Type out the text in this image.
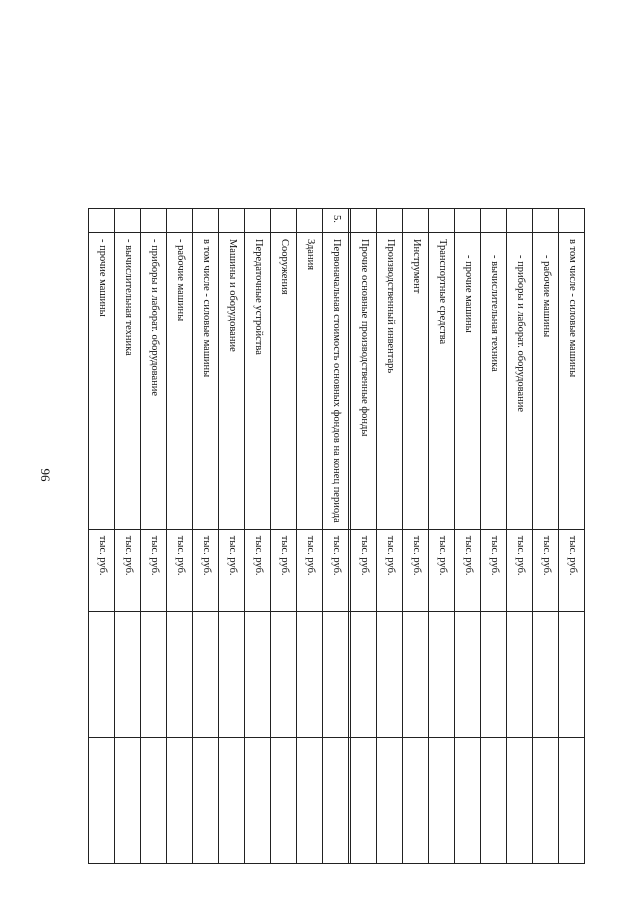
96
	в том числе - силовые машины	тыс. руб.		
	- рабочие машины	тыс. руб.		
	- приборы и лаборат. оборудование	тыс. руб.		
	- вычислительная техника	тыс. руб.		
	- прочие машины	тыс. руб.		
	Транспортные средства	тыс. руб.		
	Инструмент	тыс. руб.		
	Производственный инвентарь	тыс. руб.		
	Прочие основные производственные фонды	тыс. руб.		

5.	Первоначальная стоимость основных фондов на конец периода	тыс. руб.		
	Здания	тыс. руб.		
	Сооружения	тыс. руб.		
	Передаточные устройства	тыс. руб.		
	Машины и оборудование	тыс. руб.		
	в том числе - силовые машины	тыс. руб.		
	- рабочие машины	тыс. руб.		
	- приборы и лаборат. оборудование	тыс. руб.		
	- вычислительная техника	тыс. руб.		
	- прочие машины	тыс. руб.		
